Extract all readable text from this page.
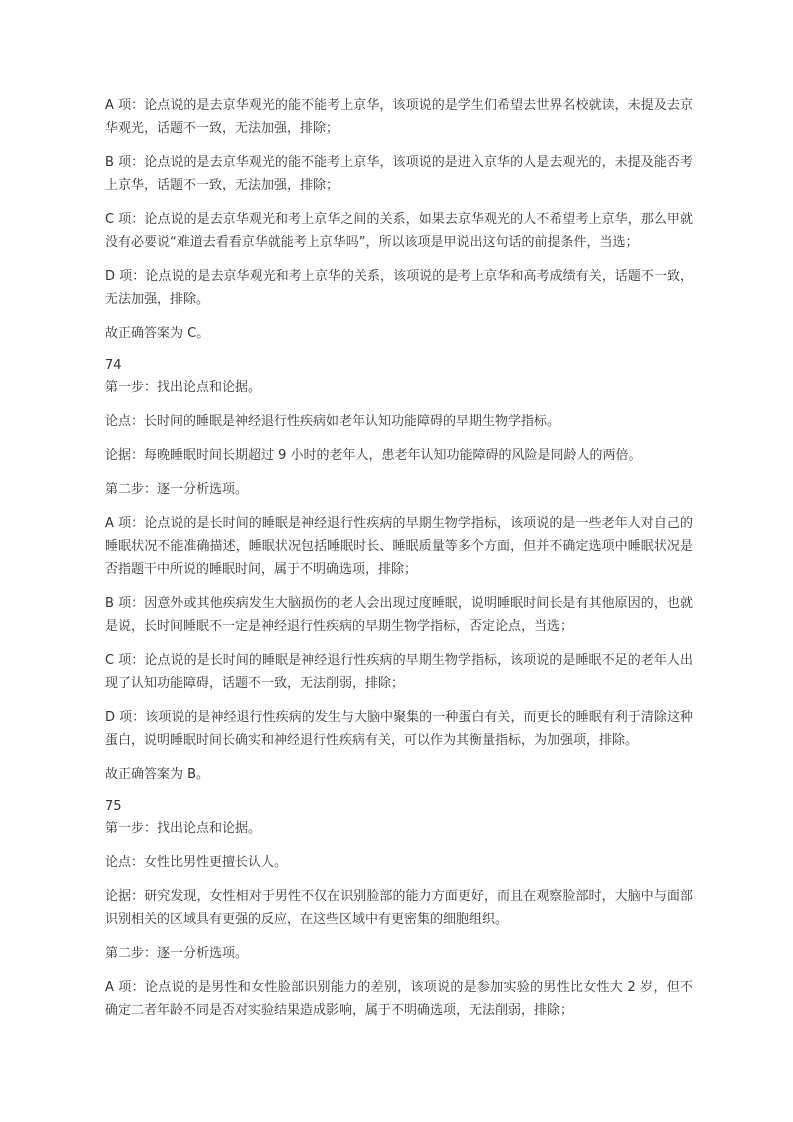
A 项：论点说的是去京华观光的能不能考上京华，该项说的是学生们希望去世界名校就读，未提及去京华观光，话题不一致，无法加强，排除；

B 项：论点说的是去京华观光的能不能考上京华，该项说的是进入京华的人是去观光的，未提及能否考上京华，话题不一致，无法加强，排除；

C 项：论点说的是去京华观光和考上京华之间的关系，如果去京华观光的人不希望考上京华，那么甲就没有必要说“难道去看看京华就能考上京华吗”，所以该项是甲说出这句话的前提条件，当选；

D 项：论点说的是去京华观光和考上京华的关系，该项说的是考上京华和高考成绩有关，话题不一致，无法加强，排除。

故正确答案为 C。

74

第一步：找出论点和论据。

论点：长时间的睡眠是神经退行性疾病如老年认知功能障碍的早期生物学指标。

论据：每晚睡眠时间长期超过 9 小时的老年人，患老年认知功能障碍的风险是同龄人的两倍。

第二步：逐一分析选项。

A 项：论点说的是长时间的睡眠是神经退行性疾病的早期生物学指标，该项说的是一些老年人对自己的睡眠状况不能准确描述，睡眠状况包括睡眠时长、睡眠质量等多个方面，但并不确定选项中睡眠状况是否指题干中所说的睡眠时间，属于不明确选项，排除；

B 项：因意外或其他疾病发生大脑损伤的老人会出现过度睡眠，说明睡眠时间长是有其他原因的，也就是说，长时间睡眠不一定是神经退行性疾病的早期生物学指标，否定论点，当选；

C 项：论点说的是长时间的睡眠是神经退行性疾病的早期生物学指标，该项说的是睡眠不足的老年人出现了认知功能障碍，话题不一致，无法削弱，排除；

D 项：该项说的是神经退行性疾病的发生与大脑中聚集的一种蛋白有关，而更长的睡眠有利于清除这种蛋白，说明睡眠时间长确实和神经退行性疾病有关，可以作为其衡量指标，为加强项，排除。

故正确答案为 B。

75

第一步：找出论点和论据。

论点：女性比男性更擅长认人。

论据：研究发现，女性相对于男性不仅在识别脸部的能力方面更好，而且在观察脸部时，大脑中与面部识别相关的区域具有更强的反应，在这些区域中有更密集的细胞组织。

第二步：逐一分析选项。

A 项：论点说的是男性和女性脸部识别能力的差别，该项说的是参加实验的男性比女性大 2 岁，但不确定二者年龄不同是否对实验结果造成影响，属于不明确选项，无法削弱，排除；
